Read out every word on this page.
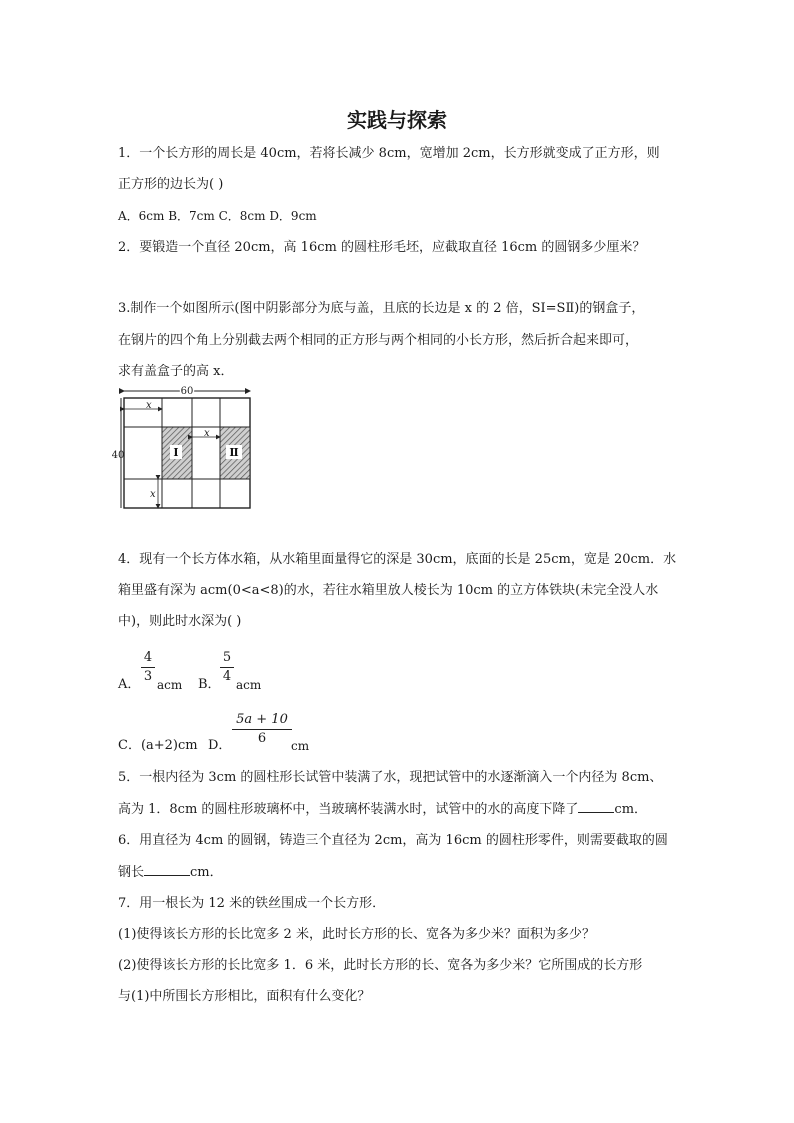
实践与探索
1．一个长方形的周长是 40cm，若将长减少 8cm，宽增加 2cm，长方形就变成了正方形，则
正方形的边长为( )
A．6cm B．7cm C．8cm D．9cm
2．要锻造一个直径 20cm，高 16cm 的圆柱形毛坯，应截取直径 16cm 的圆钢多少厘米？
3.制作一个如图所示(图中阴影部分为底与盖，且底的长边是 x 的 2 倍，SⅠ=SⅡ)的钢盒子，
在钢片的四个角上分别截去两个相同的正方形与两个相同的小长方形，然后折合起来即可，
求有盖盒子的高 x．
60
40	Ⅰ	Ⅱ
x
x
x
4．现有一个长方体水箱，从水箱里面量得它的深是 30cm，底面的长是 25cm，宽是 20cm．水
箱里盛有深为 acm(0<a<8)的水，若往水箱里放人棱长为 10cm 的立方体铁块(未完全没人水
中)，则此时水深为( )
A．
4
3
acm B．
5
4
acm
C．(a+2)cm D．
5a + 10
6	cm
5．一根内径为 3cm 的圆柱形长试管中装满了水，现把试管中的水逐渐滴入一个内径为 8cm、
高为 1．8cm 的圆柱形玻璃杯中，当玻璃杯装满水时，试管中的水的高度下降了	cm．
6．用直径为 4cm 的圆钢，铸造三个直径为 2cm，高为 16cm 的圆柱形零件，则需要截取的圆
钢长	cm．
7．用一根长为 12 米的铁丝围成一个长方形．
(1)使得该长方形的长比宽多 2 米，此时长方形的长、宽各为多少米？面积为多少？
(2)使得该长方形的长比宽多 1．6 米，此时长方形的长、宽各为多少米？它所围成的长方形
与(1)中所围长方形相比，面积有什么变化？
